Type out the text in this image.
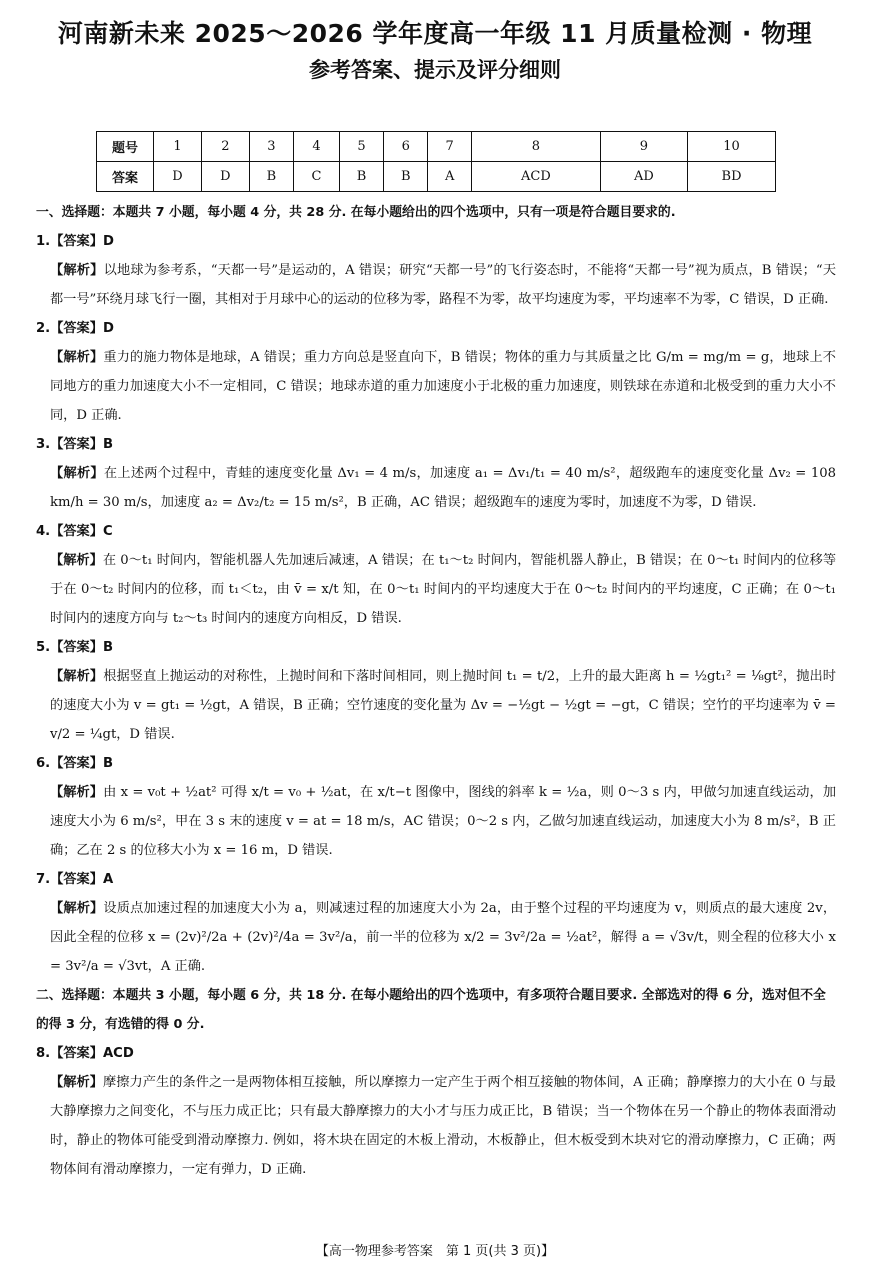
河南新未来 2025～2026 学年度高一年级 11 月质量检测 · 物理
参考答案、提示及评分细则
题号	1	2	3	4	5	6	7	8	9	10
答案	D	D	B	C	B	B	A	ACD	AD	BD
一、选择题：本题共 7 小题，每小题 4 分，共 28 分. 在每小题给出的四个选项中，只有一项是符合题目要求的.
1.【答案】D
【解析】以地球为参考系，“天都一号”是运动的，A 错误；研究“天都一号”的飞行姿态时，不能将“天都一号”视为质点，B 错误；“天都一号”环绕月球飞行一圈，其相对于月球中心的运动的位移为零，路程不为零，故平均速度为零，平均速率不为零，C 错误，D 正确.
2.【答案】D
【解析】重力的施力物体是地球，A 错误；重力方向总是竖直向下，B 错误；物体的重力与其质量之比 G/m = mg/m = g，地球上不同地方的重力加速度大小不一定相同，C 错误；地球赤道的重力加速度小于北极的重力加速度，则铁球在赤道和北极受到的重力大小不同，D 正确.
3.【答案】B
【解析】在上述两个过程中，青蛙的速度变化量 Δv₁ = 4 m/s，加速度 a₁ = Δv₁/t₁ = 40 m/s²，超级跑车的速度变化量 Δv₂ = 108 km/h = 30 m/s，加速度 a₂ = Δv₂/t₂ = 15 m/s²，B 正确，AC 错误；超级跑车的速度为零时，加速度不为零，D 错误.
4.【答案】C
【解析】在 0～t₁ 时间内，智能机器人先加速后减速，A 错误；在 t₁～t₂ 时间内，智能机器人静止，B 错误；在 0～t₁ 时间内的位移等于在 0～t₂ 时间内的位移，而 t₁＜t₂，由 v̄ = x/t 知，在 0～t₁ 时间内的平均速度大于在 0～t₂ 时间内的平均速度，C 正确；在 0～t₁ 时间内的速度方向与 t₂～t₃ 时间内的速度方向相反，D 错误.
5.【答案】B
【解析】根据竖直上抛运动的对称性，上抛时间和下落时间相同，则上抛时间 t₁ = t/2，上升的最大距离 h = ½gt₁² = ⅛gt²，抛出时的速度大小为 v = gt₁ = ½gt，A 错误，B 正确；空竹速度的变化量为 Δv = −½gt − ½gt = −gt，C 错误；空竹的平均速率为 v̄ = v/2 = ¼gt，D 错误.
6.【答案】B
【解析】由 x = v₀t + ½at² 可得 x/t = v₀ + ½at，在 x/t−t 图像中，图线的斜率 k = ½a，则 0～3 s 内，甲做匀加速直线运动，加速度大小为 6 m/s²，甲在 3 s 末的速度 v = at = 18 m/s，AC 错误；0～2 s 内，乙做匀加速直线运动，加速度大小为 8 m/s²，B 正确；乙在 2 s 的位移大小为 x = 16 m，D 错误.
7.【答案】A
【解析】设质点加速过程的加速度大小为 a，则减速过程的加速度大小为 2a，由于整个过程的平均速度为 v，则质点的最大速度 2v，因此全程的位移 x = (2v)²/2a + (2v)²/4a = 3v²/a，前一半的位移为 x/2 = 3v²/2a = ½at²，解得 a = √3v/t，则全程的位移大小 x = 3v²/a = √3vt，A 正确.
二、选择题：本题共 3 小题，每小题 6 分，共 18 分. 在每小题给出的四个选项中，有多项符合题目要求. 全部选对的得 6 分，选对但不全的得 3 分，有选错的得 0 分.
8.【答案】ACD
【解析】摩擦力产生的条件之一是两物体相互接触，所以摩擦力一定产生于两个相互接触的物体间，A 正确；静摩擦力的大小在 0 与最大静摩擦力之间变化，不与压力成正比；只有最大静摩擦力的大小才与压力成正比，B 错误；当一个物体在另一个静止的物体表面滑动时，静止的物体可能受到滑动摩擦力. 例如，将木块在固定的木板上滑动，木板静止，但木板受到木块对它的滑动摩擦力，C 正确；两物体间有滑动摩擦力，一定有弹力，D 正确.
【高一物理参考答案　第 1 页(共 3 页)】
